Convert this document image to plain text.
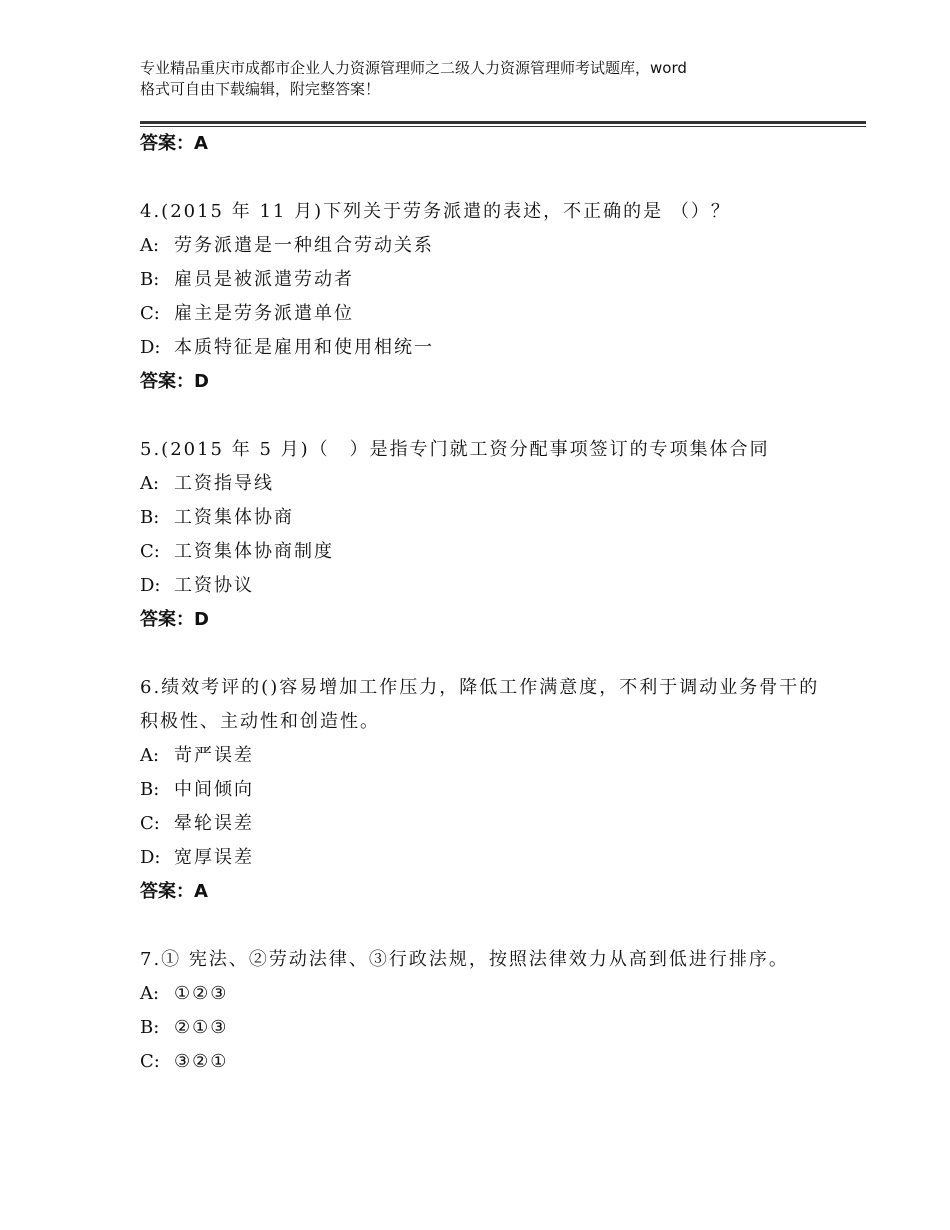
专业精品重庆市成都市企业人力资源管理师之二级人力资源管理师考试题库，word
格式可自由下载编辑，附完整答案！
答案：A
4.(2015 年 11 月)下列关于劳务派遣的表述，不正确的是 （）？
A: 劳务派遣是一种组合劳动关系
B: 雇员是被派遣劳动者
C: 雇主是劳务派遣单位
D: 本质特征是雇用和使用相统一
答案：D
5.(2015 年 5 月)（　）是指专门就工资分配事项签订的专项集体合同
A: 工资指导线
B: 工资集体协商
C: 工资集体协商制度
D: 工资协议
答案：D
6.绩效考评的()容易增加工作压力，降低工作满意度，不利于调动业务骨干的积极性、主动性和创造性。
A: 苛严误差
B: 中间倾向
C: 晕轮误差
D: 宽厚误差
答案：A
7.① 宪法、②劳动法律、③行政法规，按照法律效力从高到低进行排序。
A: ①②③
B: ②①③
C: ③②①
